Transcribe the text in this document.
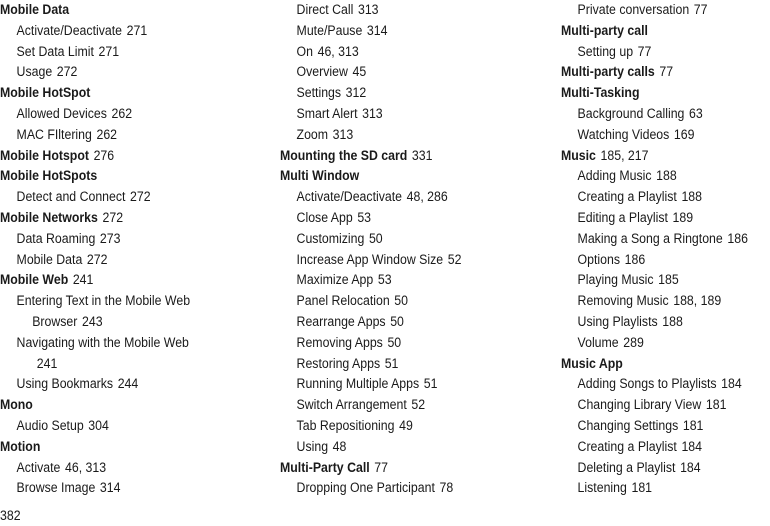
Mobile Data
Activate/Deactivate 271
Set Data Limit 271
Usage 272
Mobile HotSpot
Allowed Devices 262
MAC FIltering 262
Mobile Hotspot 276
Mobile HotSpots
Detect and Connect 272
Mobile Networks 272
Data Roaming 273
Mobile Data 272
Mobile Web 241
Entering Text in the Mobile Web
Browser 243
Navigating with the Mobile Web
241
Using Bookmarks 244
Mono
Audio Setup 304
Motion
Activate 46, 313
Browse Image 314
Direct Call 313
Mute/Pause 314
On 46, 313
Overview 45
Settings 312
Smart Alert 313
Zoom 313
Mounting the SD card 331
Multi Window
Activate/Deactivate 48, 286
Close App 53
Customizing 50
Increase App Window Size 52
Maximize App 53
Panel Relocation 50
Rearrange Apps 50
Removing Apps 50
Restoring Apps 51
Running Multiple Apps 51
Switch Arrangement 52
Tab Repositioning 49
Using 48
Multi-Party Call 77
Dropping One Participant 78
Private conversation 77
Multi-party call
Setting up 77
Multi-party calls 77
Multi-Tasking
Background Calling 63
Watching Videos 169
Music 185, 217
Adding Music 188
Creating a Playlist 188
Editing a Playlist 189
Making a Song a Ringtone 186
Options 186
Playing Music 185
Removing Music 188, 189
Using Playlists 188
Volume 289
Music App
Adding Songs to Playlists 184
Changing Library View 181
Changing Settings 181
Creating a Playlist 184
Deleting a Playlist 184
Listening 181
382
